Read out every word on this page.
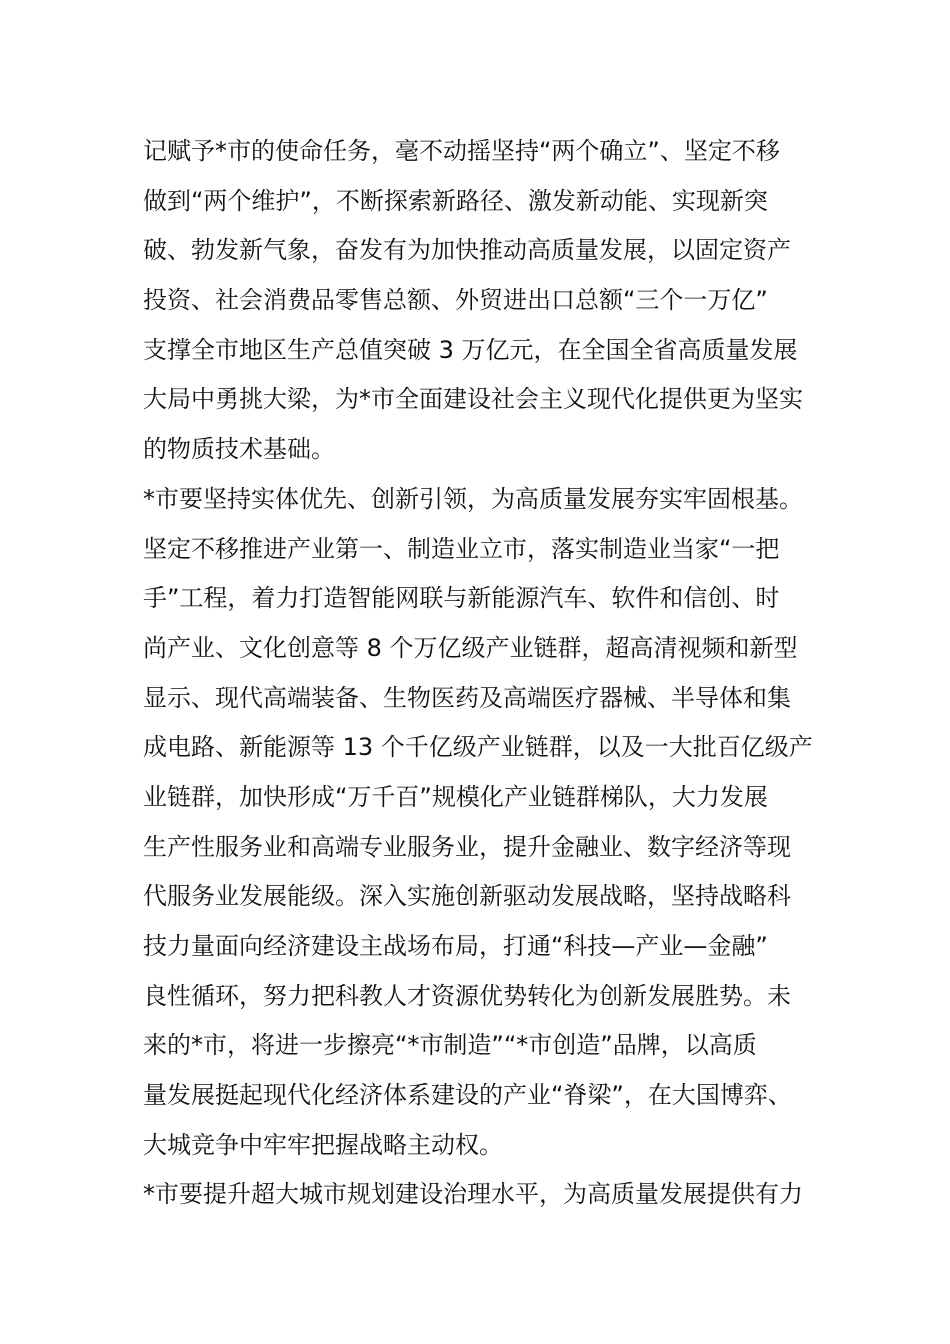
记赋予*市的使命任务，毫不动摇坚持“两个确立”、坚定不移
做到“两个维护”，不断探索新路径、激发新动能、实现新突
破、勃发新气象，奋发有为加快推动高质量发展，以固定资产
投资、社会消费品零售总额、外贸进出口总额“三个一万亿”
支撑全市地区生产总值突破 3 万亿元，在全国全省高质量发展
大局中勇挑大梁，为*市全面建设社会主义现代化提供更为坚实
的物质技术基础。
*市要坚持实体优先、创新引领，为高质量发展夯实牢固根基。
坚定不移推进产业第一、制造业立市，落实制造业当家“一把
手”工程，着力打造智能网联与新能源汽车、软件和信创、时
尚产业、文化创意等 8 个万亿级产业链群，超高清视频和新型
显示、现代高端装备、生物医药及高端医疗器械、半导体和集
成电路、新能源等 13 个千亿级产业链群，以及一大批百亿级产
业链群，加快形成“万千百”规模化产业链群梯队，大力发展
生产性服务业和高端专业服务业，提升金融业、数字经济等现
代服务业发展能级。深入实施创新驱动发展战略，坚持战略科
技力量面向经济建设主战场布局，打通“科技—产业—金融”
良性循环，努力把科教人才资源优势转化为创新发展胜势。未
来的*市，将进一步擦亮“*市制造”“*市创造”品牌，以高质
量发展挺起现代化经济体系建设的产业“脊梁”，在大国博弈、
大城竞争中牢牢把握战略主动权。
*市要提升超大城市规划建设治理水平，为高质量发展提供有力
